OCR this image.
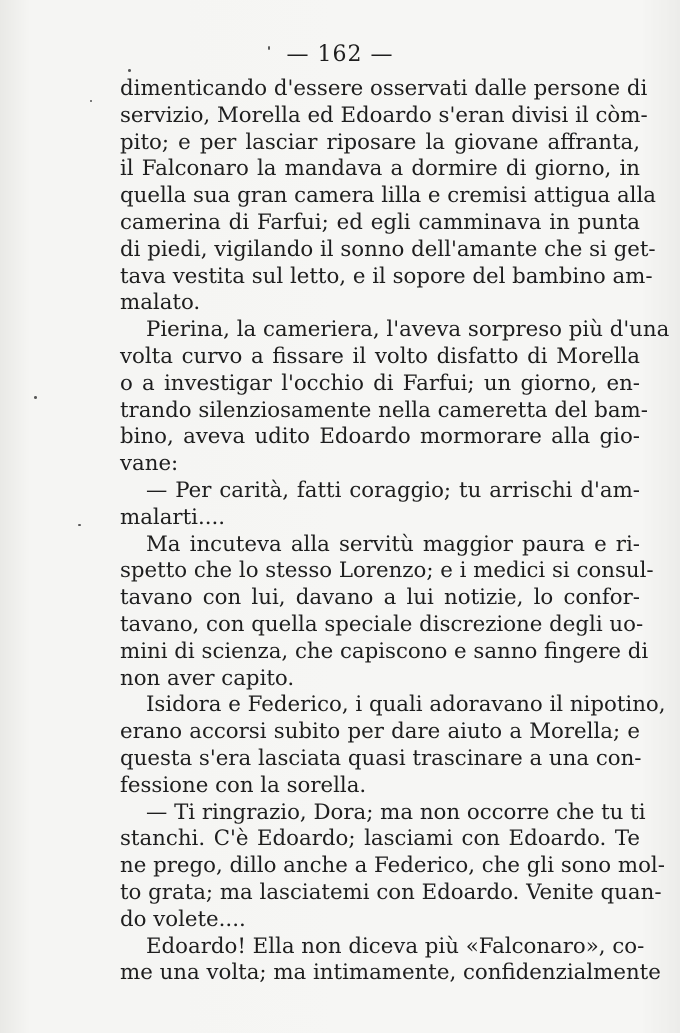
— 162 —
dimenticando d'essere osservati dalle persone di
servizio, Morella ed Edoardo s'eran divisi il còm-
pito; e per lasciar riposare la giovane affranta,
il Falconaro la mandava a dormire di giorno, in
quella sua gran camera lilla e cremisi attigua alla
camerina di Farfui; ed egli camminava in punta
di piedi, vigilando il sonno dell'amante che si get-
tava vestita sul letto, e il sopore del bambino am-
malato.
Pierina, la cameriera, l'aveva sorpreso più d'una
volta curvo a fissare il volto disfatto di Morella
o a investigar l'occhio di Farfui; un giorno, en-
trando silenziosamente nella cameretta del bam-
bino, aveva udito Edoardo mormorare alla gio-
vane:
— Per carità, fatti coraggio; tu arrischi d'am-
malarti....
Ma incuteva alla servitù maggior paura e ri-
spetto che lo stesso Lorenzo; e i medici si consul-
tavano con lui, davano a lui notizie, lo confor-
tavano, con quella speciale discrezione degli uo-
mini di scienza, che capiscono e sanno fingere di
non aver capito.
Isidora e Federico, i quali adoravano il nipotino,
erano accorsi subito per dare aiuto a Morella; e
questa s'era lasciata quasi trascinare a una con-
fessione con la sorella.
— Ti ringrazio, Dora; ma non occorre che tu ti
stanchi. C'è Edoardo; lasciami con Edoardo. Te
ne prego, dillo anche a Federico, che gli sono mol-
to grata; ma lasciatemi con Edoardo. Venite quan-
do volete....
Edoardo! Ella non diceva più «Falconaro», co-
me una volta; ma intimamente, confidenzialmente
